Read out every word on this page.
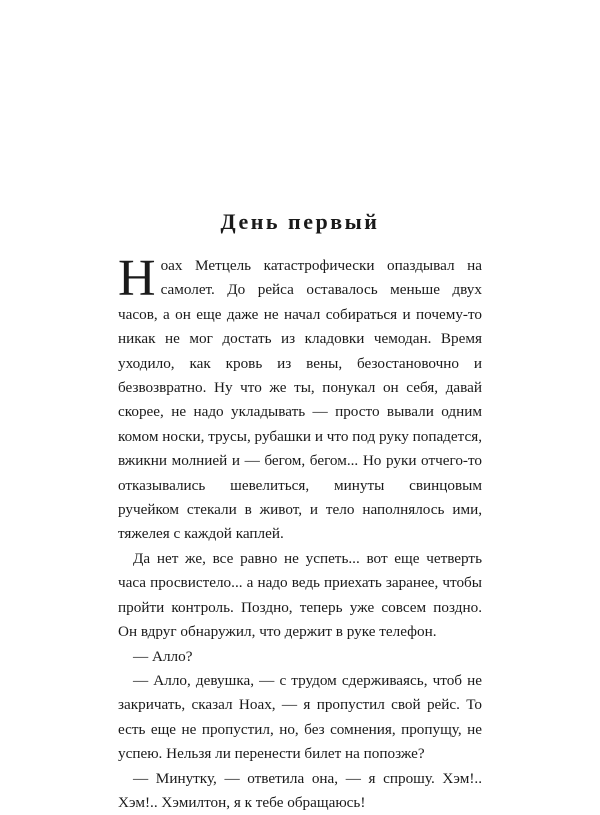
День первый

Ноах Метцель катастрофически опаздывал на самолет. До рейса оставалось меньше двух часов, а он еще даже не начал собираться и почему-то никак не мог достать из кладовки чемодан. Время уходило, как кровь из вены, безостановочно и безвозвратно. Ну что же ты, понукал он себя, давай скорее, не надо укладывать — просто вывали одним комом носки, трусы, рубашки и что под руку попадется, вжикни молнией и — бегом, бегом... Но руки отчего-то отказывались шевелиться, минуты свинцовым ручейком стекали в живот, и тело наполнялось ими, тяжелея с каждой каплей.

Да нет же, все равно не успеть... вот еще четверть часа просвистело... а надо ведь приехать заранее, чтобы пройти контроль. Поздно, теперь уже совсем поздно. Он вдруг обнаружил, что держит в руке телефон.

— Алло?

— Алло, девушка, — с трудом сдерживаясь, чтоб не закричать, сказал Ноах, — я пропустил свой рейс. То есть еще не пропустил, но, без сомнения, пропущу, не успею. Нельзя ли перенести билет на попозже?

— Минутку, — ответила она, — я спрошу. Хэм!.. Хэм!.. Хэмилтон, я к тебе обращаюсь!
